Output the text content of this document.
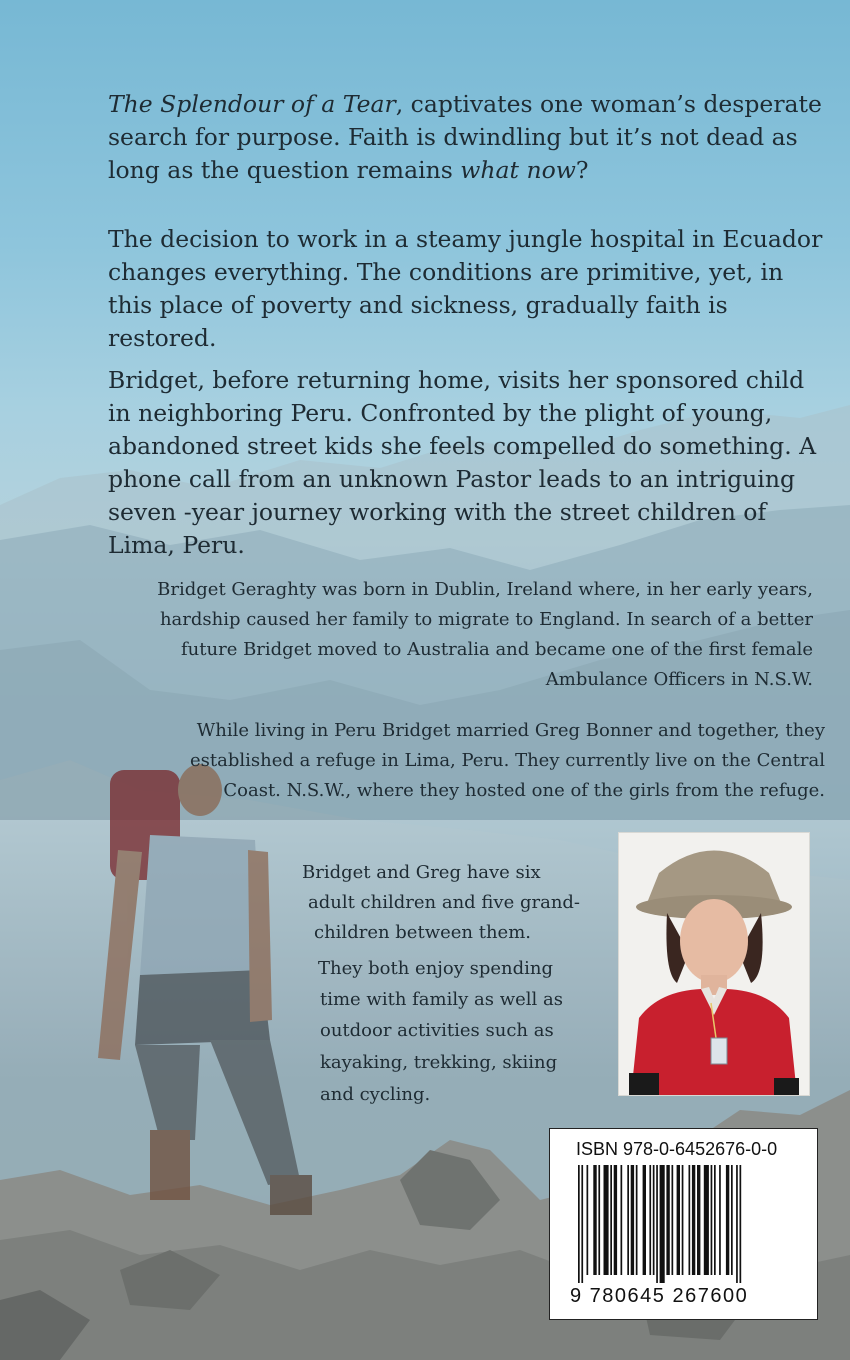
The Splendour of a Tear, captivates one woman’s desperate search for purpose. Faith is dwindling but it’s not dead as long as the question remains what now?
The decision to work in a steamy jungle hospital in Ecuador changes everything. The conditions are primitive, yet, in this place of poverty and sickness, gradually faith is restored.
Bridget, before returning home, visits her sponsored child in neighboring Peru. Confronted by the plight of young, abandoned street kids she feels compelled do something. A phone call from an unknown Pastor leads to an intriguing seven -year journey working with the street children of Lima, Peru.
Bridget Geraghty was born in Dublin, Ireland where, in her early years, hardship caused her family to migrate to England. In search of a better future Bridget moved to Australia and became one of the first female Ambulance Officers in N.S.W.
While living in Peru Bridget married Greg Bonner and together, they established a refuge in Lima, Peru. They currently live on the Central Coast. N.S.W., where they hosted one of the girls from the refuge.
Bridget and Greg have six
adult children and five grand-
children between them.
They both enjoy spending
time with family as well as
outdoor activities such as
kayaking, trekking, skiing
and cycling.
ISBN 978-0-6452676-0-0
9 780645 267600
